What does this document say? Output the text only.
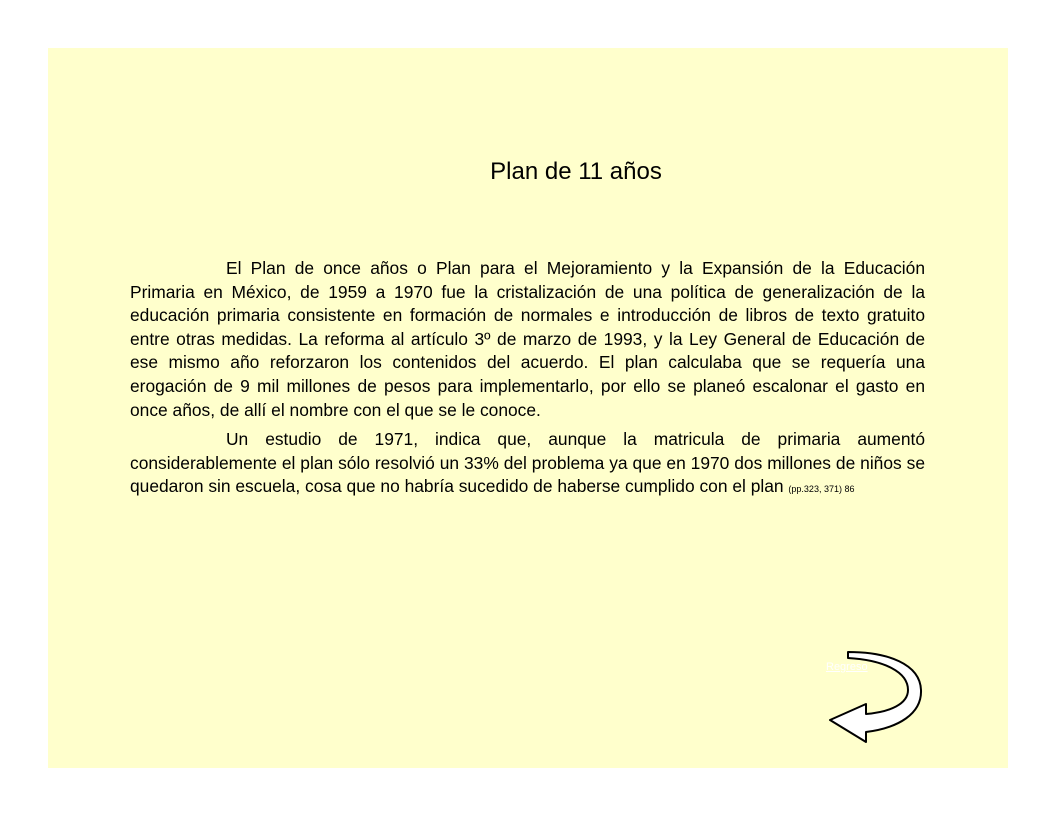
Plan de 11 años

El Plan de once años o Plan para el Mejoramiento y la Expansión de la Educación Primaria en México, de 1959 a 1970 fue la cristalización de una política de generalización de la educación primaria consistente en formación de normales e introducción de libros de texto gratuito entre otras medidas. La reforma al artículo 3º de marzo de 1993, y la Ley General de Educación de ese mismo año reforzaron los contenidos del acuerdo. El plan calculaba que se requería una erogación de 9 mil millones de pesos para implementarlo, por ello se planeó escalonar el gasto en once años, de allí el nombre con el que se le conoce.

Un estudio de 1971, indica que, aunque la matricula de primaria aumentó considerablemente el plan sólo resolvió un 33% del problema ya que en 1970 dos millones de niños se quedaron sin escuela, cosa que no habría sucedido de haberse cumplido con el plan (pp.323, 371) 86

Regreso
